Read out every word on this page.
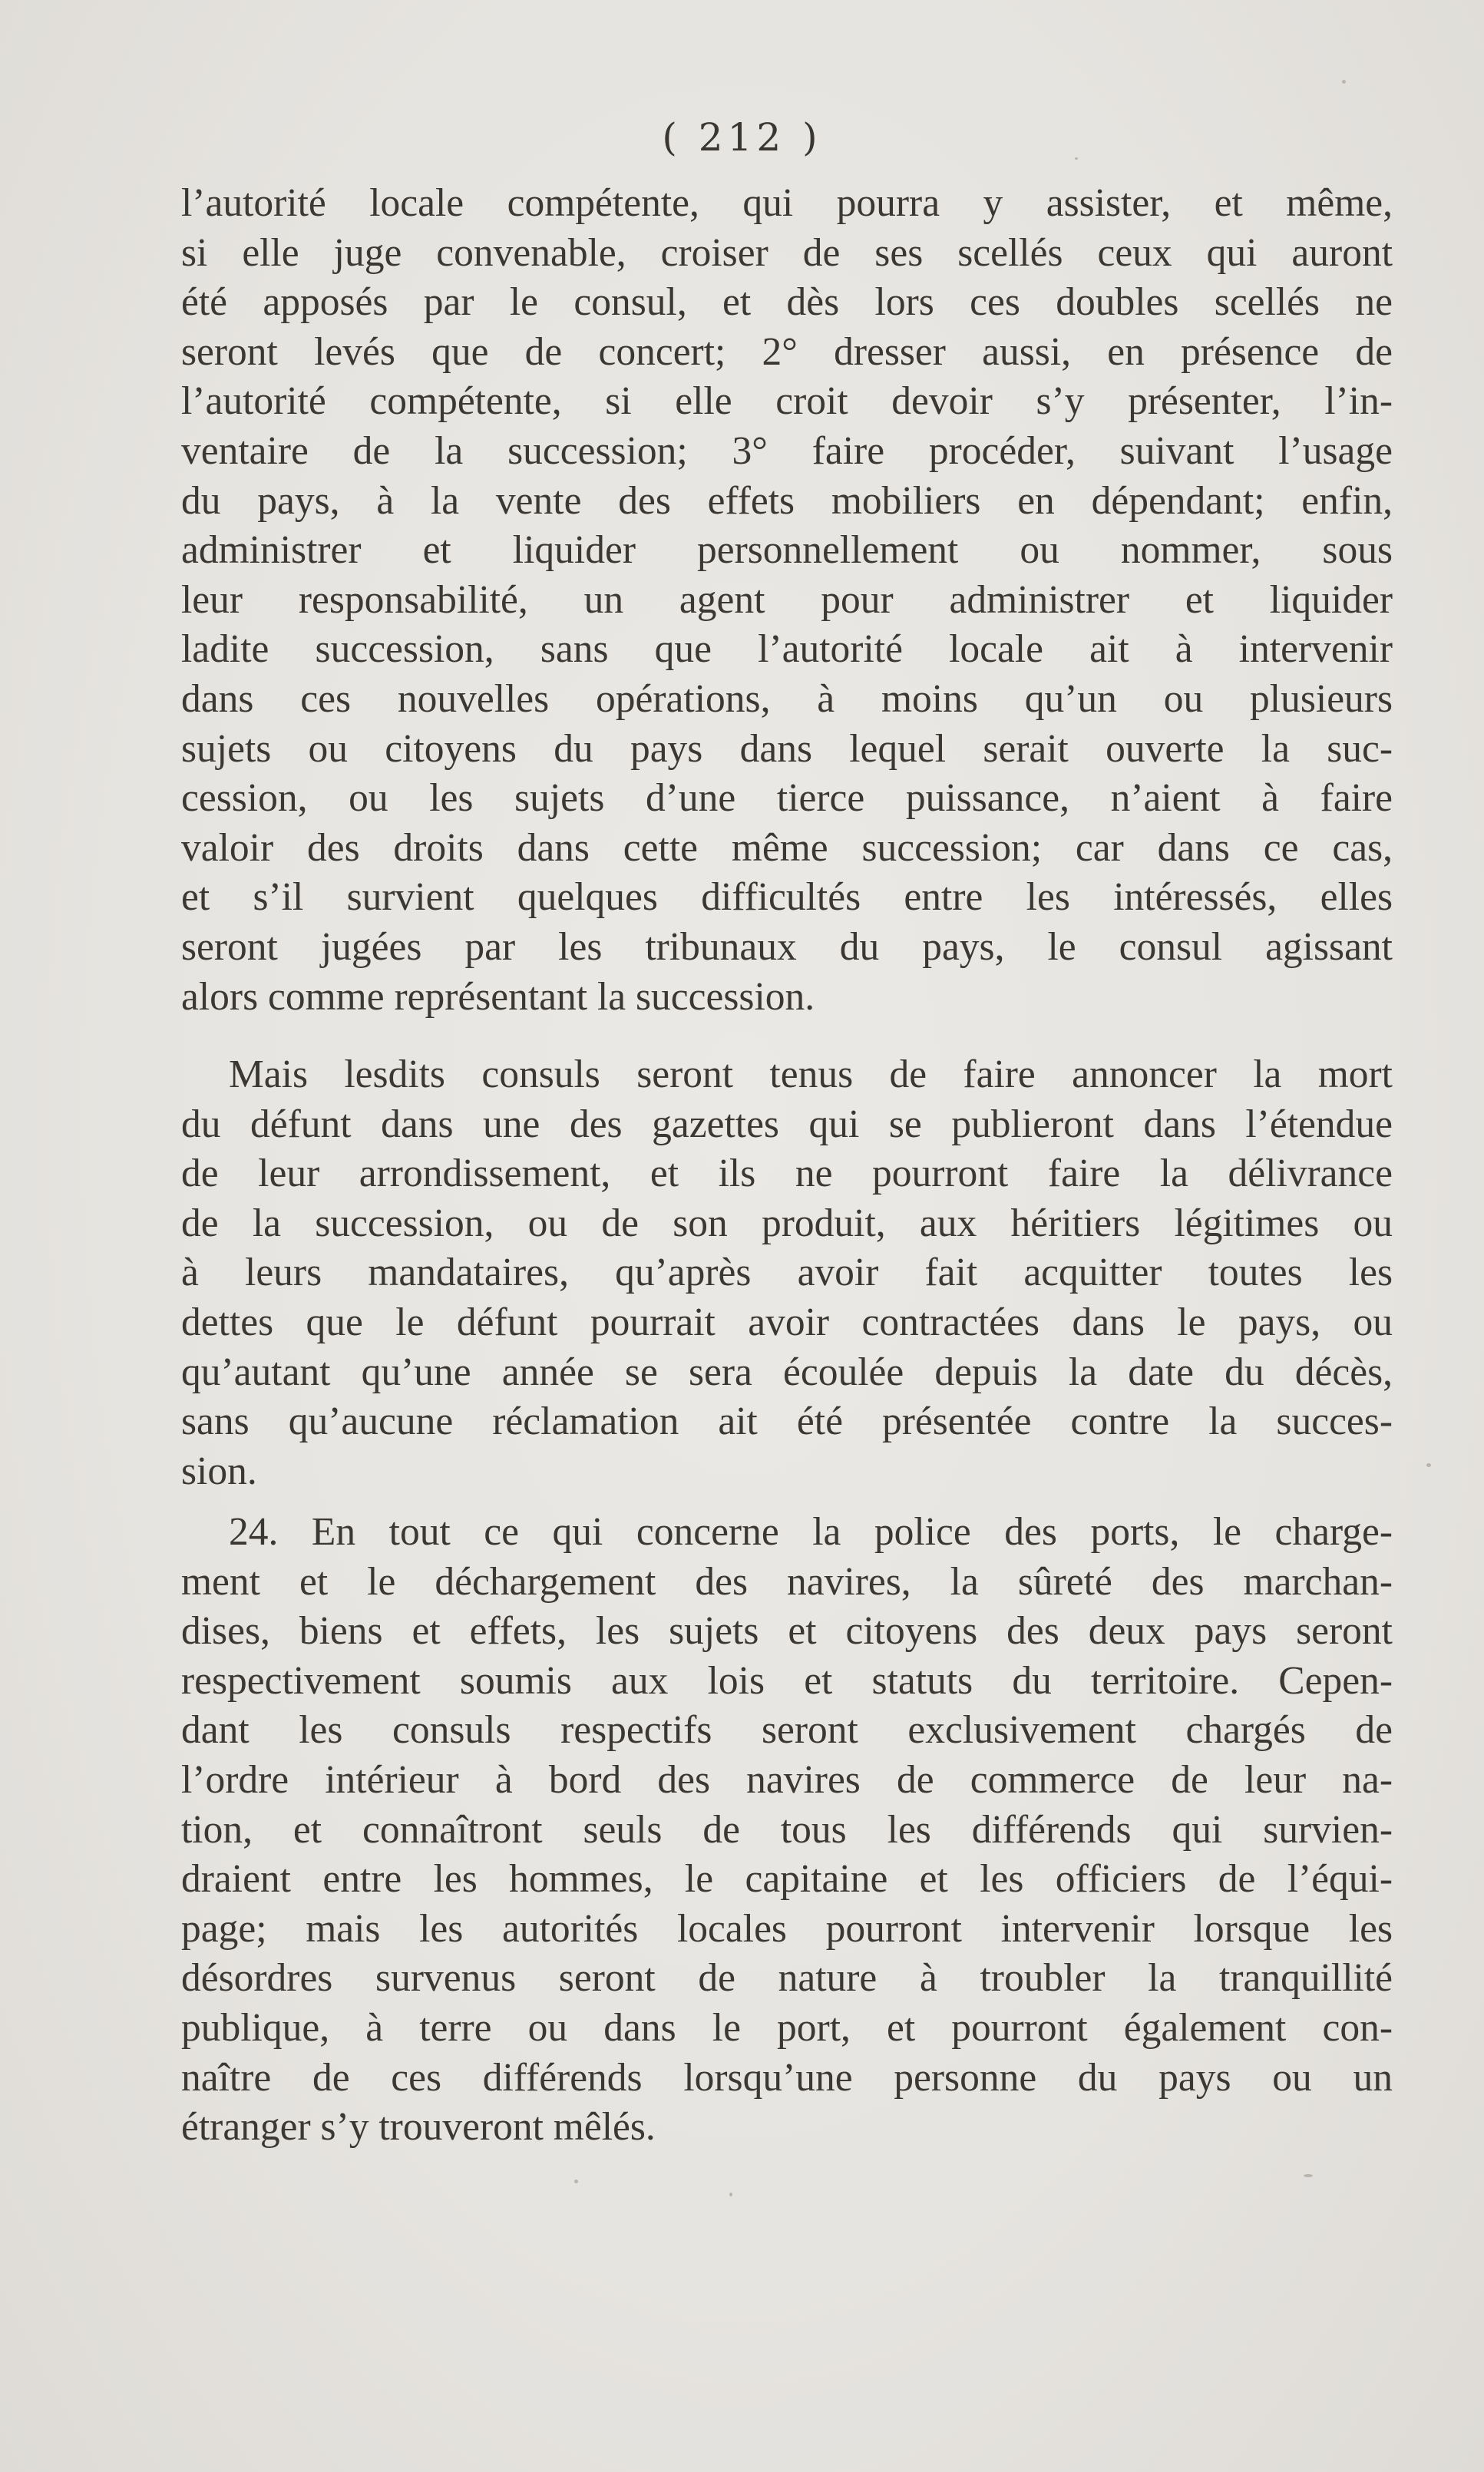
( 212 )
l’autorité locale compétente, qui pourra y assister, et même,
si elle juge convenable, croiser de ses scellés ceux qui auront
été apposés par le consul, et dès lors ces doubles scellés ne
seront levés que de concert; 2° dresser aussi, en présence de
l’autorité compétente, si elle croit devoir s’y présenter, l’in-
ventaire de la succession; 3° faire procéder, suivant l’usage
du pays, à la vente des effets mobiliers en dépendant; enfin,
administrer et liquider personnellement ou nommer, sous
leur responsabilité, un agent pour administrer et liquider
ladite succession, sans que l’autorité locale ait à intervenir
dans ces nouvelles opérations, à moins qu’un ou plusieurs
sujets ou citoyens du pays dans lequel serait ouverte la suc-
cession, ou les sujets d’une tierce puissance, n’aient à faire
valoir des droits dans cette même succession; car dans ce cas,
et s’il survient quelques difficultés entre les intéressés, elles
seront jugées par les tribunaux du pays, le consul agissant
alors comme représentant la succession.
Mais lesdits consuls seront tenus de faire annoncer la mort
du défunt dans une des gazettes qui se publieront dans l’étendue
de leur arrondissement, et ils ne pourront faire la délivrance
de la succession, ou de son produit, aux héritiers légitimes ou
à leurs mandataires, qu’après avoir fait acquitter toutes les
dettes que le défunt pourrait avoir contractées dans le pays, ou
qu’autant qu’une année se sera écoulée depuis la date du décès,
sans qu’aucune réclamation ait été présentée contre la succes-
sion.
24. En tout ce qui concerne la police des ports, le charge-
ment et le déchargement des navires, la sûreté des marchan-
dises, biens et effets, les sujets et citoyens des deux pays seront
respectivement soumis aux lois et statuts du territoire. Cepen-
dant les consuls respectifs seront exclusivement chargés de
l’ordre intérieur à bord des navires de commerce de leur na-
tion, et connaîtront seuls de tous les différends qui survien-
draient entre les hommes, le capitaine et les officiers de l’équi-
page; mais les autorités locales pourront intervenir lorsque les
désordres survenus seront de nature à troubler la tranquillité
publique, à terre ou dans le port, et pourront également con-
naître de ces différends lorsqu’une personne du pays ou un
étranger s’y trouveront mêlés.
